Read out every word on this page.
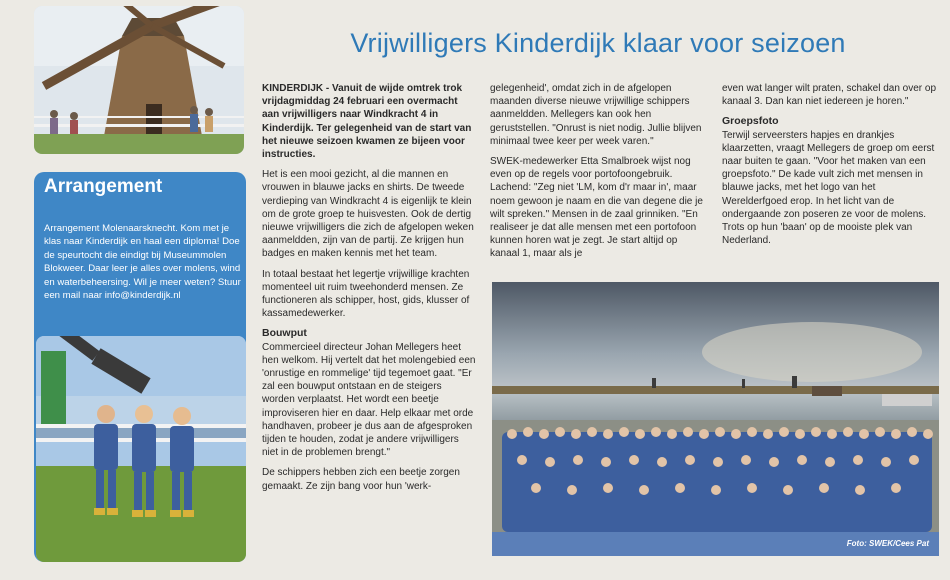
Arrangement
Arrangement Molenaarsknecht. Kom met je klas naar Kinderdijk en haal een diploma! Doe de speurtocht die eindigt bij Museummolen Blokweer. Daar leer je alles over molens, wind en waterbeheersing. Wil je meer weten? Stuur een mail naar info@kinderdijk.nl
Vrijwilligers Kinderdijk klaar voor seizoen

KINDERDIJK - Vanuit de wijde omtrek trok vrijdagmiddag 24 februari een overmacht aan vrijwilligers naar Windkracht 4 in Kinderdijk. Ter gelegenheid van de start van het nieuwe seizoen kwamen ze bijeen voor instructies.

Het is een mooi gezicht, al die mannen en vrouwen in blauwe jacks en shirts. De tweede verdieping van Windkracht 4 is eigenlijk te klein om de grote groep te huisvesten. Ook de dertig nieuwe vrijwilligers die zich de afgelopen weken aanmeldden, zijn van de partij. Ze krijgen hun badges en maken kennis met het team.

In totaal bestaat het legertje vrijwillige krachten momenteel uit ruim tweehonderd mensen. Ze functioneren als schipper, host, gids, klusser of kassamedewerker.

Bouwput

Commercieel directeur Johan Mellegers heet hen welkom. Hij vertelt dat het molengebied een 'onrustige en rommelige' tijd tegemoet gaat. "Er zal een bouwput ontstaan en de steigers worden verplaatst. Het wordt een beetje improviseren hier en daar. Help elkaar met orde handhaven, probeer je dus aan de afgesproken tijden te houden, zodat je andere vrijwilligers niet in de problemen brengt."

De schippers hebben zich een beetje zorgen gemaakt. Ze zijn bang voor hun 'werk-

gelegenheid', omdat zich in de afgelopen maanden diverse nieuwe vrijwillige schippers aanmeldden. Mellegers kan ook hen geruststellen. "Onrust is niet nodig. Jullie blijven minimaal twee keer per week varen."

SWEK-medewerker Etta Smalbroek wijst nog even op de regels voor portofoongebruik. Lachend: "Zeg niet 'LM, kom d'r maar in', maar noem gewoon je naam en die van degene die je wilt spreken." Mensen in de zaal grinniken. "En realiseer je dat alle mensen met een portofoon kunnen horen wat je zegt. Je start altijd op kanaal 1, maar als je

even wat langer wilt praten, schakel dan over op kanaal 3. Dan kan niet iedereen je horen."

Groepsfoto

Terwijl serveersters hapjes en drankjes klaarzetten, vraagt Mellegers de groep om eerst naar buiten te gaan. "Voor het maken van een groepsfoto." De kade vult zich met mensen in blauwe jacks, met het logo van het Werelderfgoed erop. In het licht van de ondergaande zon poseren ze voor de molens. Trots op hun 'baan' op de mooiste plek van Nederland.

Foto: SWEK/Cees Pat
